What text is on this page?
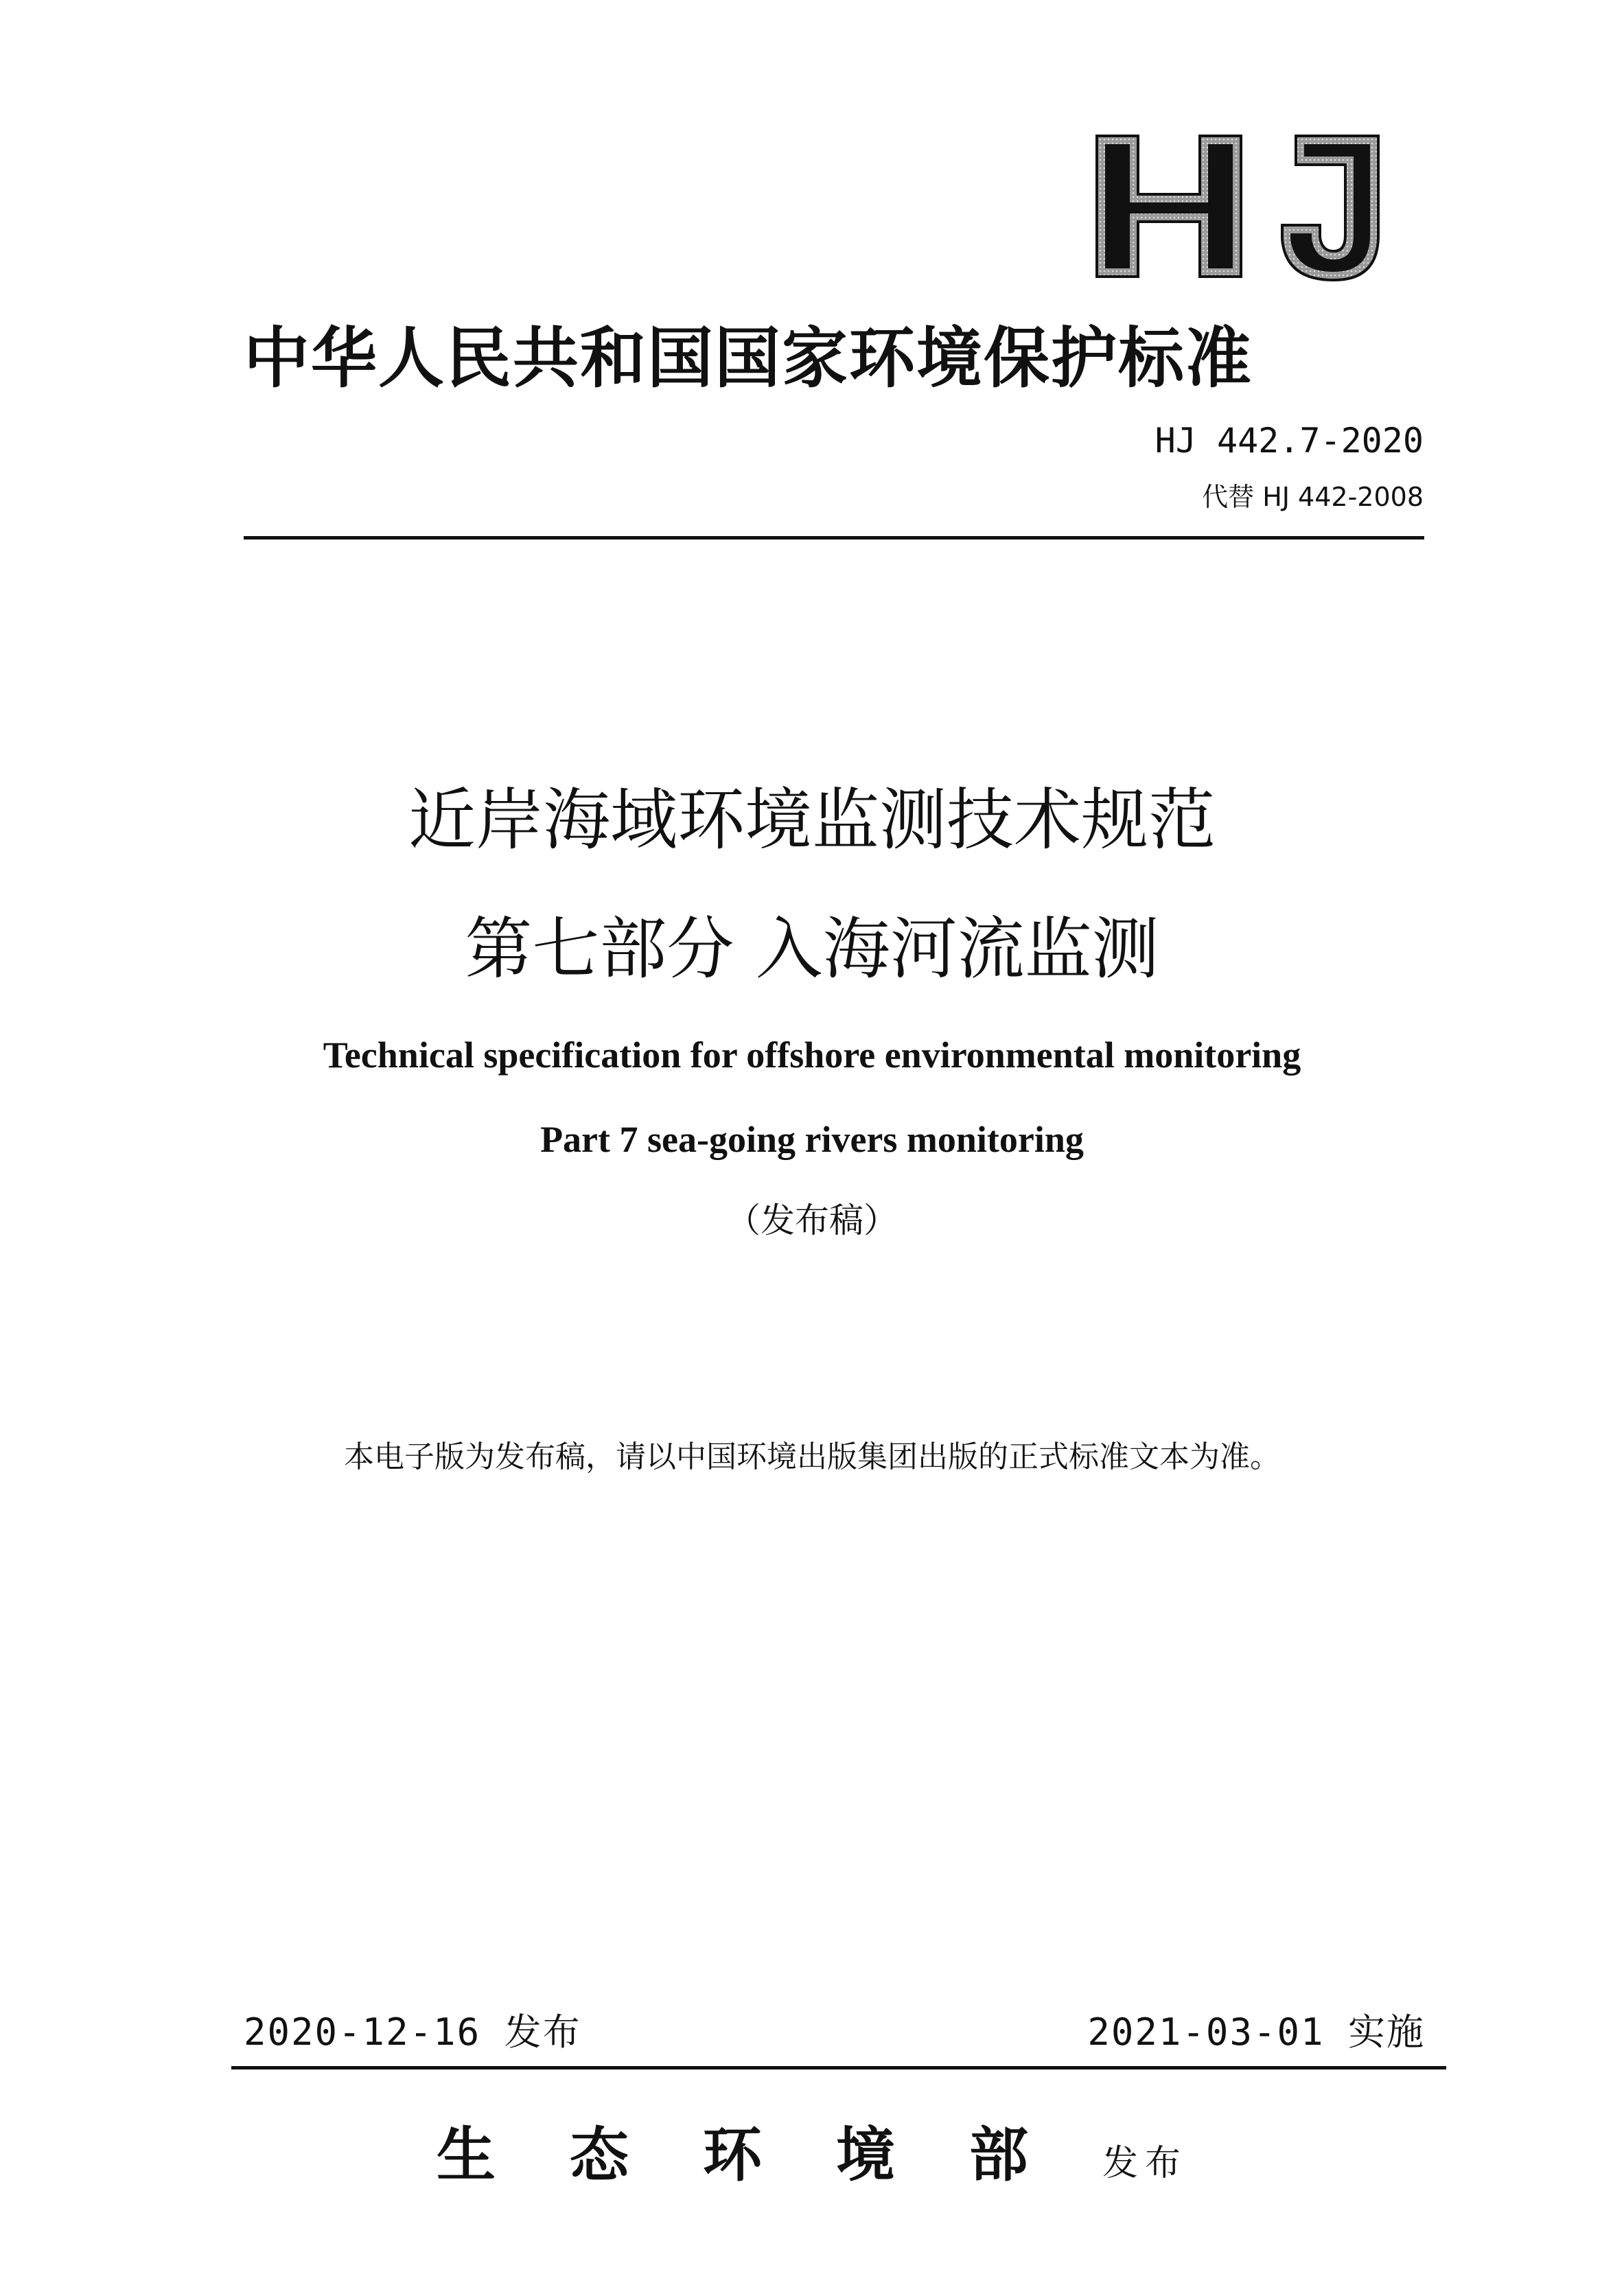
中华人民共和国国家环境保护标准
HJ 442.7-2020
代替 HJ 442-2008
近岸海域环境监测技术规范
第七部分 入海河流监测
Technical specification for offshore environmental monitoring
Part 7 sea-going rivers monitoring
（发布稿）
本电子版为发布稿，请以中国环境出版集团出版的正式标准文本为准。
2020-12-16 发布	2021-03-01 实施
生态环境部发布
